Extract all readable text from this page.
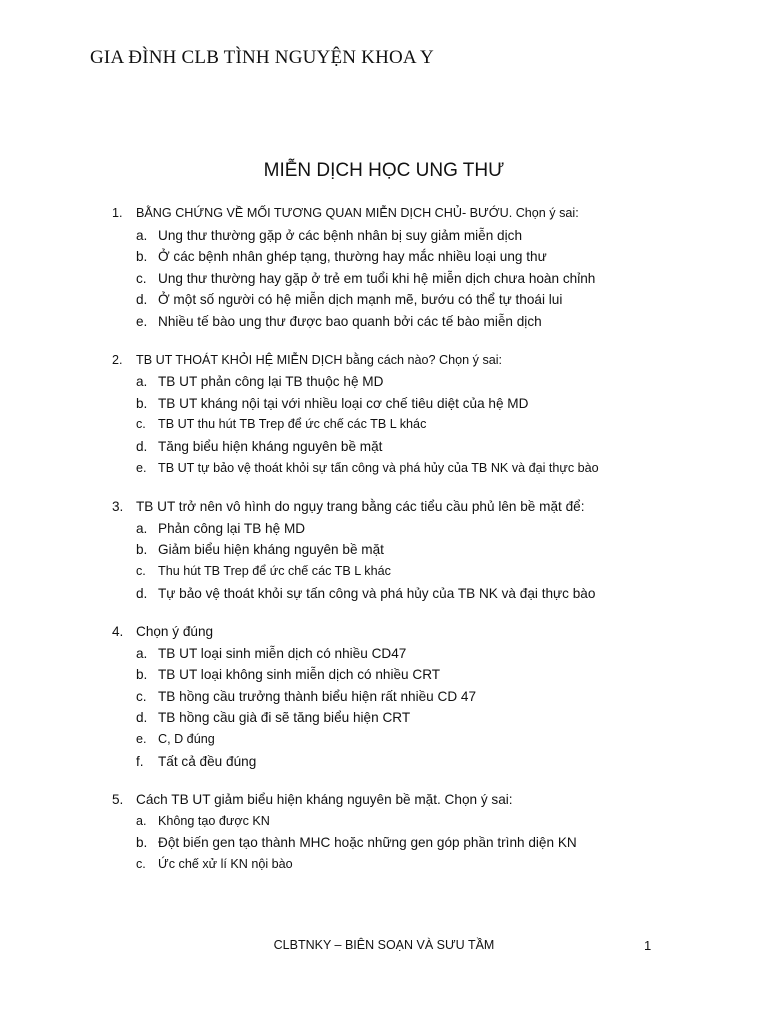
GIA ĐÌNH CLB TÌNH NGUYỆN KHOA Y
MIỄN DỊCH HỌC UNG THƯ
1. BẰNG CHỨNG VỀ MỐI TƯƠNG QUAN MIỄN DỊCH CHỦ- BƯỚU. Chọn ý sai:
a. Ung thư thường gặp ở các bệnh nhân bị suy giảm miễn dịch
b. Ở các bệnh nhân ghép tạng, thường hay mắc nhiều loại ung thư
c. Ung thư thường hay gặp ở trẻ em tuổi khi hệ miễn dịch chưa hoàn chỉnh
d. Ở một số người có hệ miễn dịch mạnh mẽ, bướu có thể tự thoái lui
e. Nhiều tế bào ung thư được bao quanh bởi các tế bào miễn dịch
2. TB UT THOÁT KHỎI HỆ MIỄN DỊCH bằng cách nào? Chọn ý sai:
a. TB UT phản công lại TB thuộc hệ MD
b. TB UT kháng nội tại với nhiều loại cơ chế tiêu diệt của hệ MD
c. TB UT thu hút TB Trep để ức chế các TB L khác
d. Tăng biểu hiện kháng nguyên bề mặt
e. TB UT tự bảo vệ thoát khỏi sự tấn công và phá hủy của TB NK và đại thực bào
3. TB UT trở nên vô hình do ngụy trang bằng các tiểu cầu phủ lên bề mặt để:
a. Phản công lại TB hệ MD
b. Giảm biểu hiện kháng nguyên bề mặt
c. Thu hút TB Trep để ức chế các TB L khác
d. Tự bảo vệ thoát khỏi sự tấn công và phá hủy của TB NK và đại thực bào
4. Chọn ý đúng
a. TB UT loại sinh miễn dịch có nhiều CD47
b. TB UT loại không sinh miễn dịch có nhiều CRT
c. TB hồng cầu trưởng thành biểu hiện rất nhiều CD 47
d. TB hồng cầu già đi sẽ tăng biểu hiện CRT
e. C, D đúng
f. Tất cả đều đúng
5. Cách TB UT giảm biểu hiện kháng nguyên bề mặt. Chọn ý sai:
a. Không tạo được KN
b. Đột biến gen tạo thành MHC hoặc những gen góp phần trình diện KN
c. Ức chế xử lí KN nội bào
CLBTNKY – BIÊN SOẠN VÀ SƯU TẦM	1
